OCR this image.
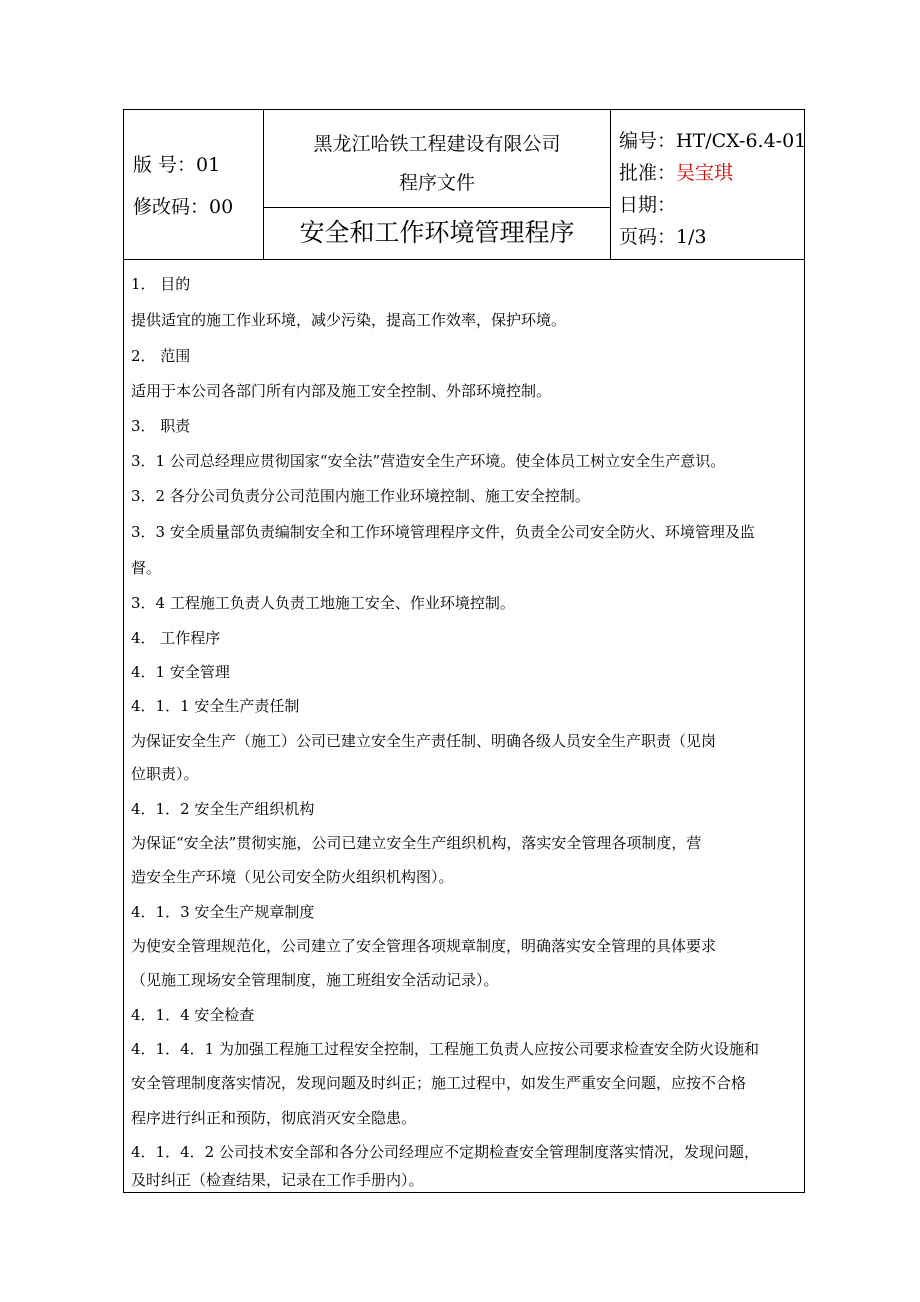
版 号：01
修改码：00
黑龙江哈铁工程建设有限公司
程序文件
安全和工作环境管理程序
编号：HT/CX-6.4-01
批准：吴宝琪
日期：
页码：1/3
1． 目的
提供适宜的施工作业环境，减少污染，提高工作效率，保护环境。
2． 范围
适用于本公司各部门所有内部及施工安全控制、外部环境控制。
3． 职责
3．1 公司总经理应贯彻国家“安全法”营造安全生产环境。使全体员工树立安全生产意识。
3．2 各分公司负责分公司范围内施工作业环境控制、施工安全控制。
3．3 安全质量部负责编制安全和工作环境管理程序文件，负责全公司安全防火、环境管理及监
督。
3．4 工程施工负责人负责工地施工安全、作业环境控制。
4． 工作程序
4．1 安全管理
4．1．1 安全生产责任制
为保证安全生产（施工）公司已建立安全生产责任制、明确各级人员安全生产职责（见岗
位职责）。
4．1．2 安全生产组织机构
为保证“安全法”贯彻实施，公司已建立安全生产组织机构，落实安全管理各项制度，营
造安全生产环境（见公司安全防火组织机构图）。
4．1．3 安全生产规章制度
为使安全管理规范化，公司建立了安全管理各项规章制度，明确落实安全管理的具体要求
（见施工现场安全管理制度，施工班组安全活动记录）。
4．1．4 安全检查
4．1．4．1 为加强工程施工过程安全控制，工程施工负责人应按公司要求检查安全防火设施和
安全管理制度落实情况，发现问题及时纠正；施工过程中，如发生严重安全问题，应按不合格
程序进行纠正和预防，彻底消灭安全隐患。
4．1．4．2 公司技术安全部和各分公司经理应不定期检查安全管理制度落实情况，发现问题，
及时纠正（检查结果，记录在工作手册内）。
